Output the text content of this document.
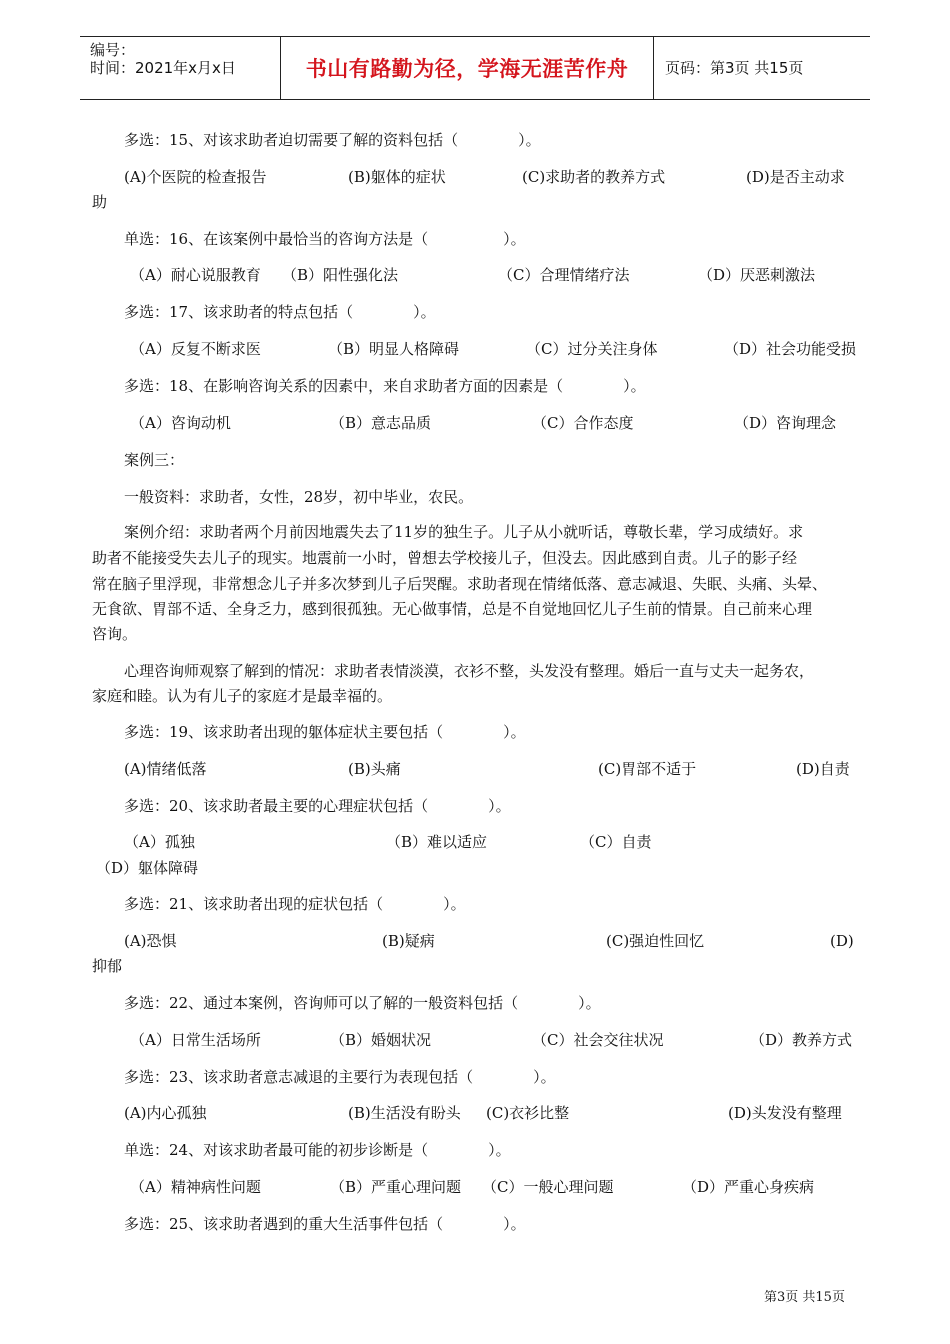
编号：
时间：2021年x月x日	书山有路勤为径，学海无涯苦作舟 页码：第3页 共15页
多选：15、对该求助者迫切需要了解的资料包括（　　　　）。
(A)个医院的检查报告	(B)躯体的症状	(C)求助者的教养方式	(D)是否主动求
助
单选：16、在该案例中最恰当的咨询方法是（　　　　　）。
（A）耐心说服教育 （B）阳性强化法	（C）合理情绪疗法	（D）厌恶刺激法
多选：17、该求助者的特点包括（　　　　）。
（A）反复不断求医	（B）明显人格障碍	（C）过分关注身体	（D）社会功能受损
多选：18、在影响咨询关系的因素中，来自求助者方面的因素是（　　　　）。
（A）咨询动机	（B）意志品质	（C）合作态度	（D）咨询理念
案例三：
一般资料：求助者，女性，28岁，初中毕业，农民。
案例介绍：求助者两个月前因地震失去了11岁的独生子。儿子从小就听话，尊敬长辈，学习成绩好。求
助者不能接受失去儿子的现实。地震前一小时，曾想去学校接儿子，但没去。因此感到自责。儿子的影子经
常在脑子里浮现，非常想念儿子并多次梦到儿子后哭醒。求助者现在情绪低落、意志减退、失眠、头痛、头晕、
无食欲、胃部不适、全身乏力，感到很孤独。无心做事情，总是不自觉地回忆儿子生前的情景。自己前来心理
咨询。
心理咨询师观察了解到的情况：求助者表情淡漠，衣衫不整，头发没有整理。婚后一直与丈夫一起务农，
家庭和睦。认为有儿子的家庭才是最幸福的。
多选：19、该求助者出现的躯体症状主要包括（　　　　）。
(A)情绪低落	(B)头痛	(C)胃部不适于	(D)自责
多选：20、该求助者最主要的心理症状包括（　　　　）。
（A）孤独	（B）难以适应	（C）自责
（D）躯体障碍
多选：21、该求助者出现的症状包括（　　　　）。
(A)恐惧	(B)疑病	(C)强迫性回忆	(D)
抑郁
多选：22、通过本案例，咨询师可以了解的一般资料包括（　　　　）。
（A）日常生活场所	（B）婚姻状况	（C）社会交往状况	（D）教养方式
多选：23、该求助者意志减退的主要行为表现包括（　　　　）。
(A)内心孤独	(B)生活没有盼头 (C)衣衫比整	(D)头发没有整理
单选：24、对该求助者最可能的初步诊断是（　　　　）。
（A）精神病性问题	（B）严重心理问题 （C）一般心理问题	（D）严重心身疾病
多选：25、该求助者遇到的重大生活事件包括（　　　　）。
第3页 共15页
